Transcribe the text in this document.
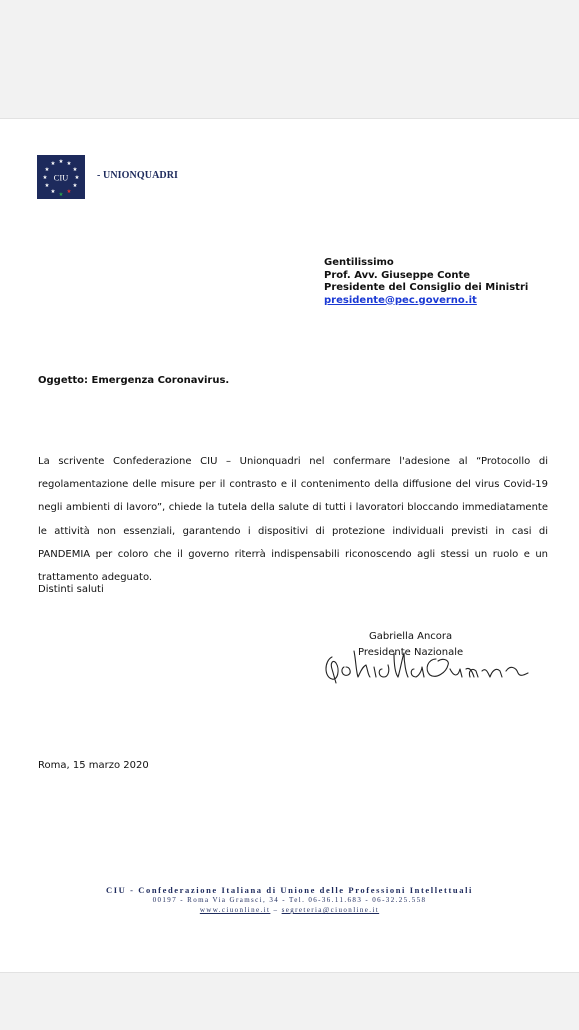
★
★ ★
★	★
★	★
★	★
★ ★ ★
CIU	- UNIONQUADRI
Gentilissimo
Prof. Avv. Giuseppe Conte
Presidente del Consiglio dei Ministri
presidente@pec.governo.it
Oggetto: Emergenza Coronavirus.
La scrivente Confederazione CIU – Unionquadri nel confermare l'adesione al “Protocollo di regolamentazione delle misure per il contrasto e il contenimento della diffusione del virus Covid-19 negli ambienti di lavoro”, chiede la tutela della salute di tutti i lavoratori bloccando immediatamente le attività non essenziali, garantendo i dispositivi di protezione individuali previsti in casi di PANDEMIA per coloro che il governo riterrà indispensabili riconoscendo agli stessi un ruolo e un trattamento adeguato.
Distinti saluti
Gabriella Ancora
Presidente Nazionale
Roma, 15 marzo 2020
CIU - Confederazione Italiana di Unione delle Professioni Intellettuali
00197 - Roma Via Gramsci, 34 - Tel. 06-36.11.683 - 06-32.25.558
www.ciuonline.it – segreteria@ciuonline.it
